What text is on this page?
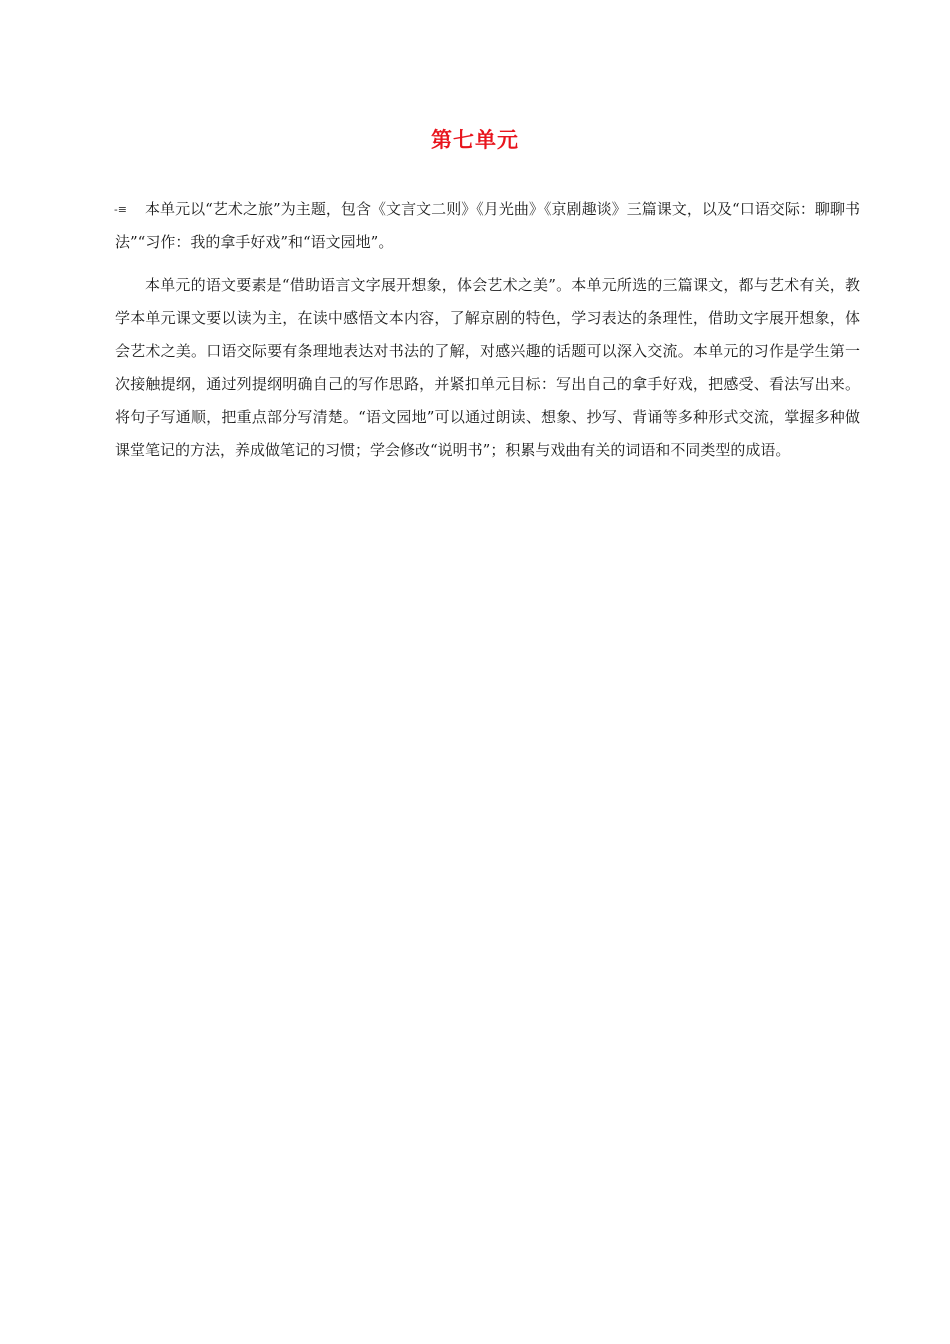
第七单元

-≡ 本单元以“艺术之旅”为主题，包含《文言文二则》《月光曲》《京剧趣谈》三篇课文，以及“口语交际：聊聊书法”“习作：我的拿手好戏”和“语文园地”。

本单元的语文要素是“借助语言文字展开想象，体会艺术之美”。本单元所选的三篇课文，都与艺术有关，教学本单元课文要以读为主，在读中感悟文本内容，了解京剧的特色，学习表达的条理性，借助文字展开想象，体会艺术之美。口语交际要有条理地表达对书法的了解，对感兴趣的话题可以深入交流。本单元的习作是学生第一次接触提纲，通过列提纲明确自己的写作思路，并紧扣单元目标：写出自己的拿手好戏，把感受、看法写出来。将句子写通顺，把重点部分写清楚。“语文园地”可以通过朗读、想象、抄写、背诵等多种形式交流，掌握多种做课堂笔记的方法，养成做笔记的习惯；学会修改“说明书”；积累与戏曲有关的词语和不同类型的成语。
